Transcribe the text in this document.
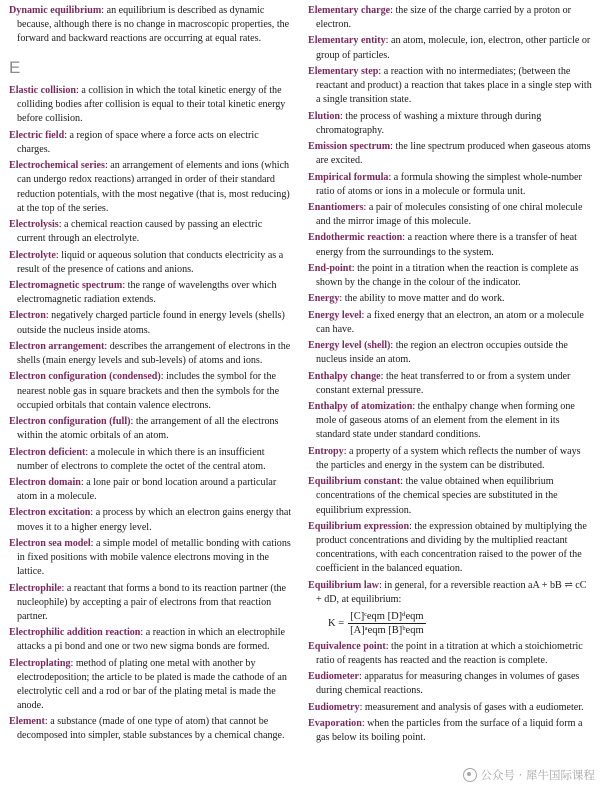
Dynamic equilibrium: an equilibrium is described as dynamic because, although there is no change in macroscopic properties, the forward and backward reactions are occurring at equal rates.

E

Elastic collision: a collision in which the total kinetic energy of the colliding bodies after collision is equal to their total kinetic energy before collision.

Electric field: a region of space where a force acts on electric charges.

Electrochemical series: an arrangement of elements and ions (which can undergo redox reactions) arranged in order of their standard reduction potentials, with the most negative (that is, most reducing) at the top of the series.

Electrolysis: a chemical reaction caused by passing an electric current through an electrolyte.

Electrolyte: liquid or aqueous solution that conducts electricity as a result of the presence of cations and anions.

Electromagnetic spectrum: the range of wavelengths over which electromagnetic radiation extends.

Electron: negatively charged particle found in energy levels (shells) outside the nucleus inside atoms.

Electron arrangement: describes the arrangement of electrons in the shells (main energy levels and sub-levels) of atoms and ions.

Electron configuration (condensed): includes the symbol for the nearest noble gas in square brackets and then the symbols for the occupied orbitals that contain valence electrons.

Electron configuration (full): the arrangement of all the electrons within the atomic orbitals of an atom.

Electron deficient: a molecule in which there is an insufficient number of electrons to complete the octet of the central atom.

Electron domain: a lone pair or bond location around a particular atom in a molecule.

Electron excitation: a process by which an electron gains energy that moves it to a higher energy level.

Electron sea model: a simple model of metallic bonding with cations in fixed positions with mobile valence electrons moving in the lattice.

Electrophile: a reactant that forms a bond to its reaction partner (the nucleophile) by accepting a pair of electrons from that reaction partner.

Electrophilic addition reaction: a reaction in which an electrophile attacks a pi bond and one or two new sigma bonds are formed.

Electroplating: method of plating one metal with another by electrodeposition; the article to be plated is made the cathode of an electrolytic cell and a rod or bar of the plating metal is made the anode.

Element: a substance (made of one type of atom) that cannot be decomposed into simpler, stable substances by a chemical change.

Elementary charge: the size of the charge carried by a proton or electron.

Elementary entity: an atom, molecule, ion, electron, other particle or group of particles.

Elementary step: a reaction with no intermediates; (between the reactant and product) a reaction that takes place in a single step with a single transition state.

Elution: the process of washing a mixture through during chromatography.

Emission spectrum: the line spectrum produced when gaseous atoms are excited.

Empirical formula: a formula showing the simplest whole-number ratio of atoms or ions in a molecule or formula unit.

Enantiomers: a pair of molecules consisting of one chiral molecule and the mirror image of this molecule.

Endothermic reaction: a reaction where there is a transfer of heat energy from the surroundings to the system.

End-point: the point in a titration when the reaction is complete as shown by the change in the colour of the indicator.

Energy: the ability to move matter and do work.

Energy level: a fixed energy that an electron, an atom or a molecule can have.

Energy level (shell): the region an electron occupies outside the nucleus inside an atom.

Enthalpy change: the heat transferred to or from a system under constant external pressure.

Enthalpy of atomization: the enthalpy change when forming one mole of gaseous atoms of an element from the element in its standard state under standard conditions.

Entropy: a property of a system which reflects the number of ways the particles and energy in the system can be distributed.

Equilibrium constant: the value obtained when equilibrium concentrations of the chemical species are substituted in the equilibrium expression.

Equilibrium expression: the expression obtained by multiplying the product concentrations and dividing by the multiplied reactant concentrations, with each concentration raised to the power of the coefficient in the balanced equation.

Equilibrium law: in general, for a reversible reaction aA + bB ⇌ cC + dD, at equilibrium:

$K = \frac{\text{[C]ᶜeqm [D]ᵈeqm}}{\text{[A]ᵃeqm [B]ᵇeqm}}$

Equivalence point: the point in a titration at which a stoichiometric ratio of reagents has reacted and the reaction is complete.

Eudiometer: apparatus for measuring changes in volumes of gases during chemical reactions.

Eudiometry: measurement and analysis of gases with a eudiometer.

Evaporation: when the particles from the surface of a liquid form a gas below its boiling point.

公众号 · 犀牛国际课程
